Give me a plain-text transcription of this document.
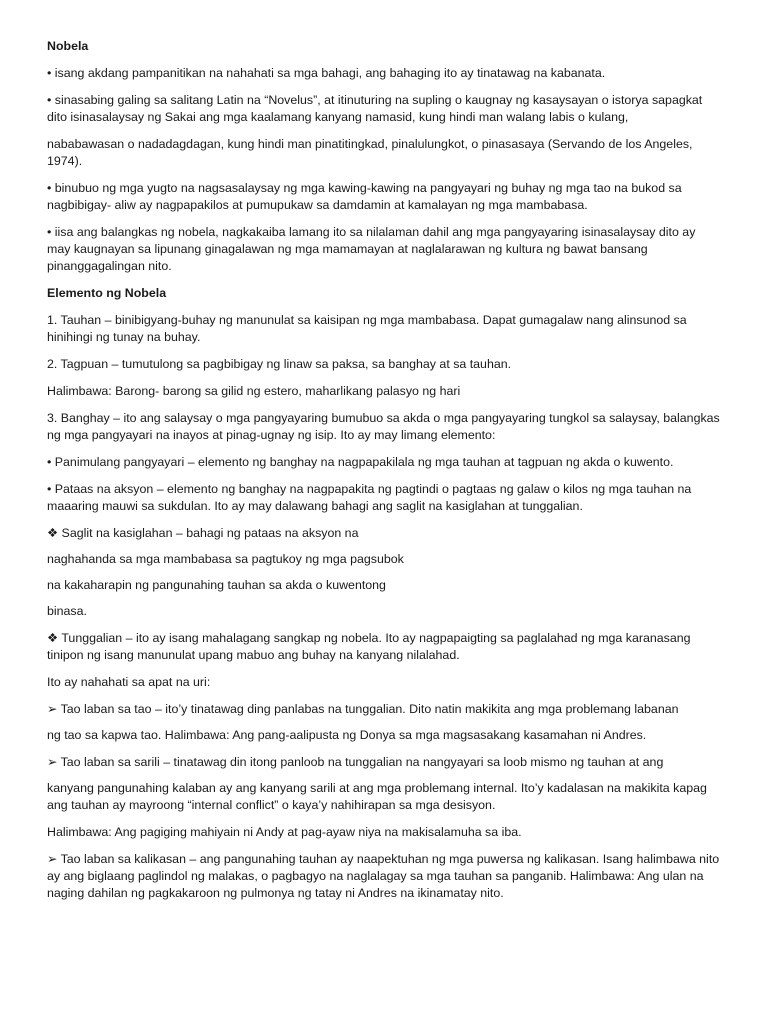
Nobela

• isang akdang pampanitikan na nahahati sa mga bahagi, ang bahaging ito ay tinatawag na kabanata.

• sinasabing galing sa salitang Latin na “Novelus”, at itinuturing na supling o kaugnay ng kasaysayan o istorya sapagkat dito isinasalaysay ng Sakai ang mga kaalamang kanyang namasid, kung hindi man walang labis o kulang,

nababawasan o nadadagdagan, kung hindi man pinatitingkad, pinalulungkot, o pinasasaya (Servando de los Angeles, 1974).

• binubuo ng mga yugto na nagsasalaysay ng mga kawing-kawing na pangyayari ng buhay ng mga tao na bukod sa nagbibigay- aliw ay nagpapakilos at pumupukaw sa damdamin at kamalayan ng mga mambabasa.

• iisa ang balangkas ng nobela, nagkakaiba lamang ito sa nilalaman dahil ang mga pangyayaring isinasalaysay dito ay may kaugnayan sa lipunang ginagalawan ng mga mamamayan at naglalarawan ng kultura ng bawat bansang pinanggagalingan nito.

Elemento ng Nobela

1. Tauhan – binibigyang-buhay ng manunulat sa kaisipan ng mga mambabasa. Dapat gumagalaw nang alinsunod sa hinihingi ng tunay na buhay.

2. Tagpuan – tumutulong sa pagbibigay ng linaw sa paksa, sa banghay at sa tauhan.

Halimbawa: Barong- barong sa gilid ng estero, maharlikang palasyo ng hari

3. Banghay – ito ang salaysay o mga pangyayaring bumubuo sa akda o mga pangyayaring tungkol sa salaysay, balangkas ng mga pangyayari na inayos at pinag-ugnay ng isip. Ito ay may limang elemento:

• Panimulang pangyayari – elemento ng banghay na nagpapakilala ng mga tauhan at tagpuan ng akda o kuwento.

• Pataas na aksyon – elemento ng banghay na nagpapakita ng pagtindi o pagtaas ng galaw o kilos ng mga tauhan na maaaring mauwi sa sukdulan. Ito ay may dalawang bahagi ang saglit na kasiglahan at tunggalian.

❖ Saglit na kasiglahan – bahagi ng pataas na aksyon na

naghahanda sa mga mambabasa sa pagtukoy ng mga pagsubok

na kakaharapin ng pangunahing tauhan sa akda o kuwentong

binasa.

❖ Tunggalian – ito ay isang mahalagang sangkap ng nobela. Ito ay nagpapaigting sa paglalahad ng mga karanasang tinipon ng isang manunulat upang mabuo ang buhay na kanyang nilalahad.

Ito ay nahahati sa apat na uri:

➢ Tao laban sa tao – ito’y tinatawag ding panlabas na tunggalian. Dito natin makikita ang mga problemang labanan

ng tao sa kapwa tao. Halimbawa: Ang pang-aalipusta ng Donya sa mga magsasakang kasamahan ni Andres.

➢ Tao laban sa sarili – tinatawag din itong panloob na tunggalian na nangyayari sa loob mismo ng tauhan at ang

kanyang pangunahing kalaban ay ang kanyang sarili at ang mga problemang internal. Ito’y kadalasan na makikita kapag ang tauhan ay mayroong “internal conflict” o kaya’y nahihirapan sa mga desisyon.

Halimbawa: Ang pagiging mahiyain ni Andy at pag-ayaw niya na makisalamuha sa iba.

➢ Tao laban sa kalikasan – ang pangunahing tauhan ay naapektuhan ng mga puwersa ng kalikasan. Isang halimbawa nito ay ang biglaang paglindol ng malakas, o pagbagyo na naglalagay sa mga tauhan sa panganib. Halimbawa: Ang ulan na naging dahilan ng pagkakaroon ng pulmonya ng tatay ni Andres na ikinamatay nito.
